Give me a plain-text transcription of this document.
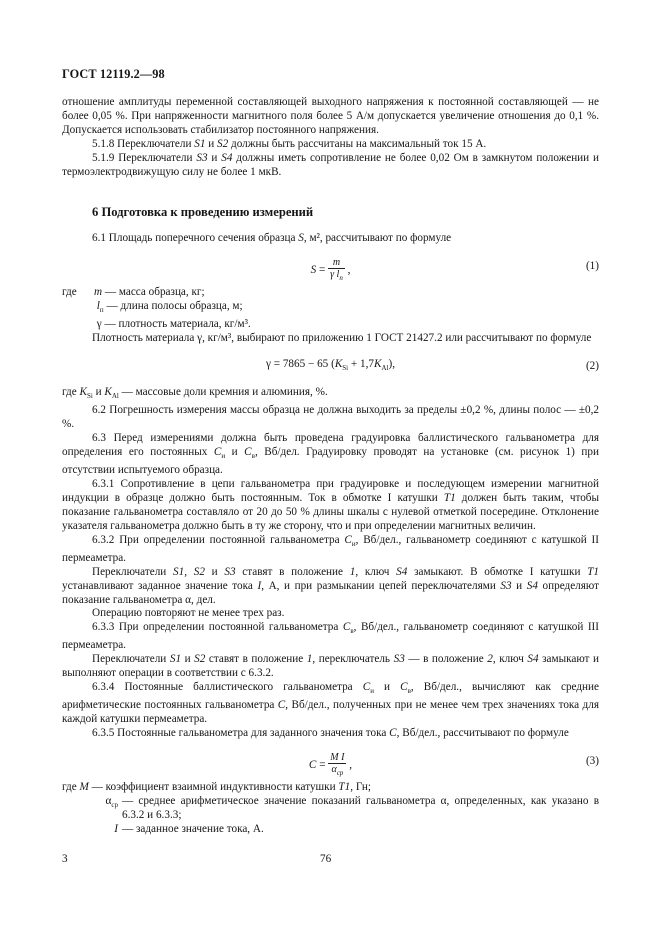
ГОСТ 12119.2—98

отношение амплитуды переменной составляющей выходного напряжения к постоянной составляющей — не более 0,05 %. При напряженности магнитного поля более 5 А/м допускается увеличение отношения до 0,1 %. Допускается использовать стабилизатор постоянного напряжения.

5.1.8 Переключатели S1 и S2 должны быть рассчитаны на максимальный ток 15 А.

5.1.9 Переключатели S3 и S4 должны иметь сопротивление не более 0,02 Ом в замкнутом положении и термоэлектродвижущую силу не более 1 мкВ.

6 Подготовка к проведению измерений

6.1 Площадь поперечного сечения образца S, м², рассчитывают по формуле

$S = \frac{m}{\gamma l_п}$ ,	(1)
где	m — масса образца, кг;
$l_п$ — длина полосы образца, м;
γ — плотность материала, кг/м³.

Плотность материала γ, кг/м³, выбирают по приложению 1 ГОСТ 21427.2 или рассчитывают по формуле

γ = 7865 − 65 $(K_{Si} + 1,7K_{Al})$,	(2)

где $K_{Si}$ и $K_{Al}$ — массовые доли кремния и алюминия, %.

6.2 Погрешность измерения массы образца не должна выходить за пределы ±0,2 %, длины полос — ±0,2 %.

6.3 Перед измерениями должна быть проведена градуировка баллистического гальванометра для определения его постоянных $C_и$ и $C_в$, Вб/дел. Градуировку проводят на установке (см. рисунок 1) при отсутствии испытуемого образца.

6.3.1 Сопротивление в цепи гальванометра при градуировке и последующем измерении магнитной индукции в образце должно быть постоянным. Ток в обмотке I катушки T1 должен быть таким, чтобы показание гальванометра составляло от 20 до 50 % длины шкалы с нулевой отметкой посередине. Отклонение указателя гальванометра должно быть в ту же сторону, что и при определении магнитных величин.

6.3.2 При определении постоянной гальванометра $C_и$, Вб/дел., гальванометр соединяют с катушкой II пермеаметра.

Переключатели S1, S2 и S3 ставят в положение 1, ключ S4 замыкают. В обмотке I катушки T1 устанавливают заданное значение тока I, А, и при размыкании цепей переключателями S3 и S4 определяют показание гальванометра α, дел.

Операцию повторяют не менее трех раз.

6.3.3 При определении постоянной гальванометра $C_в$, Вб/дел., гальванометр соединяют с катушкой III пермеаметра.

Переключатели S1 и S2 ставят в положение 1, переключатель S3 — в положение 2, ключ S4 замыкают и выполняют операции в соответствии с 6.3.2.

6.3.4 Постоянные баллистического гальванометра $C_и$ и $C_в$, Вб/дел., вычисляют как средние арифметические постоянных гальванометра C, Вб/дел., полученных при не менее чем трех значениях тока для каждой катушки пермеаметра.

6.3.5 Постоянные гальванометра для заданного значения тока C, Вб/дел., рассчитывают по формуле

$C = \frac{\text{M I}}{\alpha_{ср}}$ ,	(3)
где M — коэффициент взаимной индуктивности катушки T1, Гн;
$\alpha_{ср}$ — среднее арифметическое значение показаний гальванометра α, определенных, как указано в 6.3.2 и 6.3.3;
I — заданное значение тока, А.
3	76
